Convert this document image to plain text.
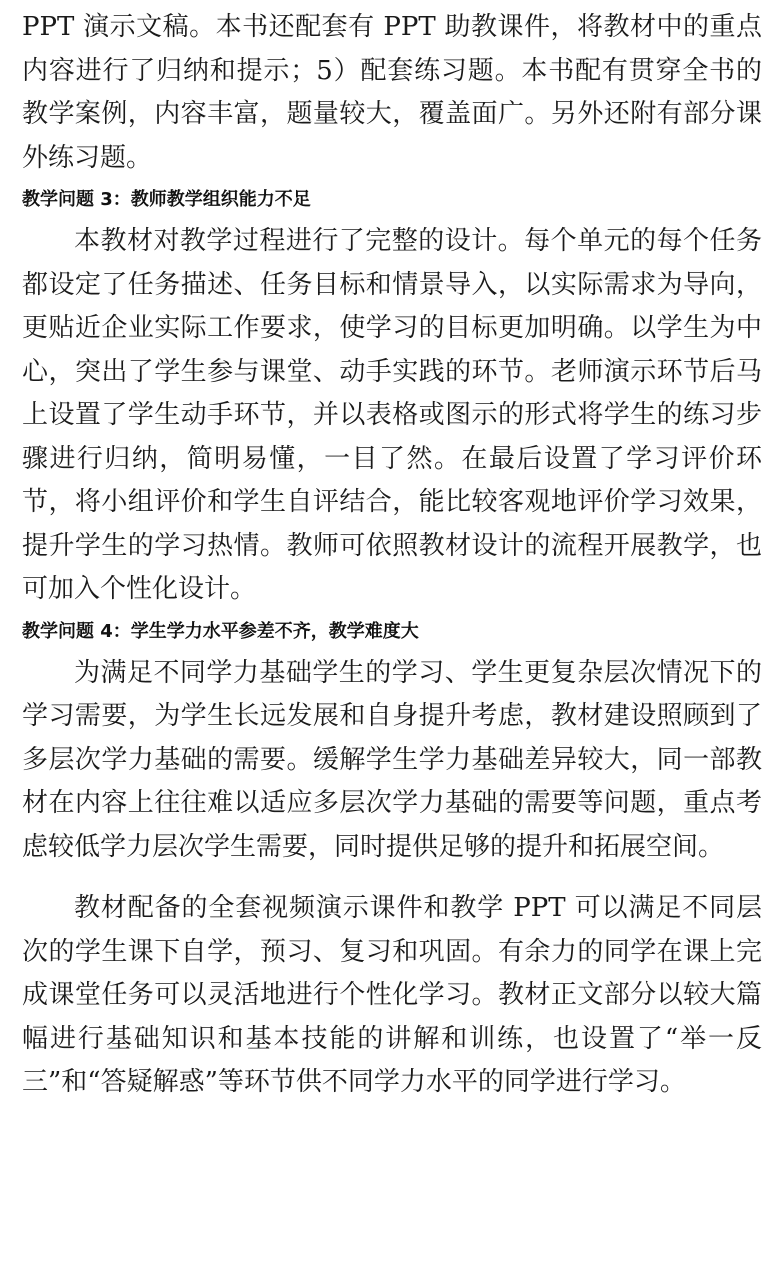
PPT 演示文稿。本书还配套有 PPT 助教课件，将教材中的重点内容进行了归纳和提示；5）配套练习题。本书配有贯穿全书的教学案例，内容丰富，题量较大，覆盖面广。另外还附有部分课外练习题。

教学问题 3：教师教学组织能力不足

本教材对教学过程进行了完整的设计。每个单元的每个任务都设定了任务描述、任务目标和情景导入，以实际需求为导向，更贴近企业实际工作要求，使学习的目标更加明确。以学生为中心，突出了学生参与课堂、动手实践的环节。老师演示环节后马上设置了学生动手环节，并以表格或图示的形式将学生的练习步骤进行归纳，简明易懂，一目了然。在最后设置了学习评价环节，将小组评价和学生自评结合，能比较客观地评价学习效果，提升学生的学习热情。教师可依照教材设计的流程开展教学，也可加入个性化设计。

教学问题 4：学生学力水平参差不齐，教学难度大

为满足不同学力基础学生的学习、学生更复杂层次情况下的学习需要，为学生长远发展和自身提升考虑，教材建设照顾到了多层次学力基础的需要。缓解学生学力基础差异较大，同一部教材在内容上往往难以适应多层次学力基础的需要等问题，重点考虑较低学力层次学生需要，同时提供足够的提升和拓展空间。

教材配备的全套视频演示课件和教学 PPT 可以满足不同层次的学生课下自学，预习、复习和巩固。有余力的同学在课上完成课堂任务可以灵活地进行个性化学习。教材正文部分以较大篇幅进行基础知识和基本技能的讲解和训练，也设置了“举一反三”和“答疑解惑”等环节供不同学力水平的同学进行学习。
